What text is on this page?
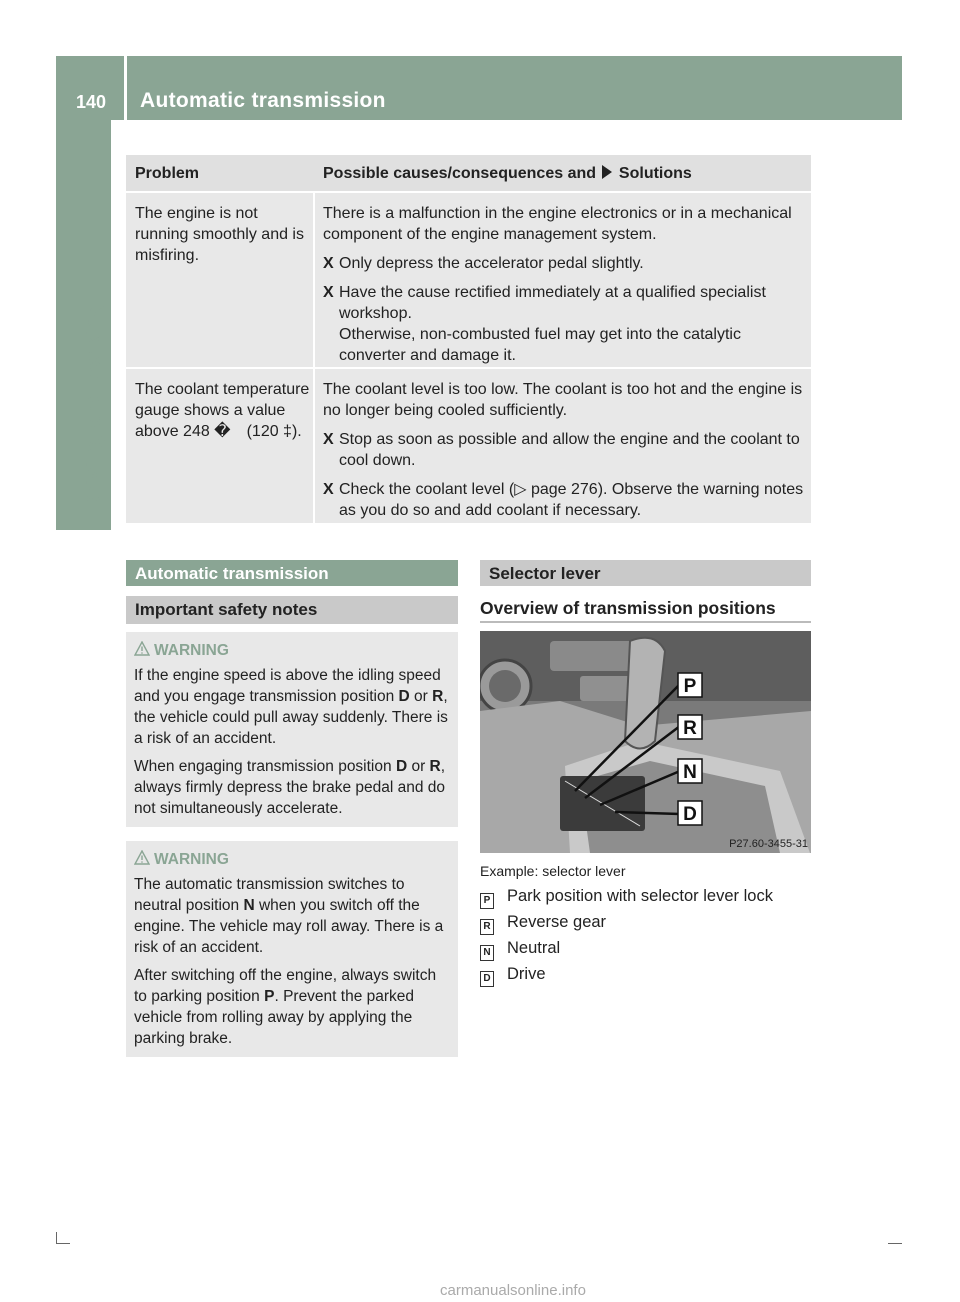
140	Automatic transmission
Driving and parking
Problem	Possible causes/consequences and Solutions
The engine is not running smoothly and is misfiring.

There is a malfunction in the engine electronics or in a mechanical component of the engine management system.

X Only depress the accelerator pedal slightly.
X Have the cause rectified immediately at a qualified specialist workshop.
Otherwise, non-combusted fuel may get into the catalytic converter and damage it.
The coolant temperature gauge shows a value above 248 �　(120 ‡).

The coolant level is too low. The coolant is too hot and the engine is no longer being cooled sufficiently.

X Stop as soon as possible and allow the engine and the coolant to cool down.
X Check the coolant level (▷ page 276). Observe the warning notes as you do so and add coolant if necessary.
Automatic transmission
Important safety notes
WARNING

If the engine speed is above the idling speed and you engage transmission position D or R, the vehicle could pull away suddenly. There is a risk of an accident.

When engaging transmission position D or R, always firmly depress the brake pedal and do not simultaneously accelerate.

WARNING

The automatic transmission switches to neutral position N when you switch off the engine. The vehicle may roll away. There is a risk of an accident.

After switching off the engine, always switch to parking position P. Prevent the parked vehicle from rolling away by applying the parking brake.

Selector lever
Overview of transmission positions
P
R
N
D
P27.60-3455-31
Example: selector lever
P Park position with selector lever lock
R Reverse gear
N Neutral
D Drive
carmanualsonline.info
